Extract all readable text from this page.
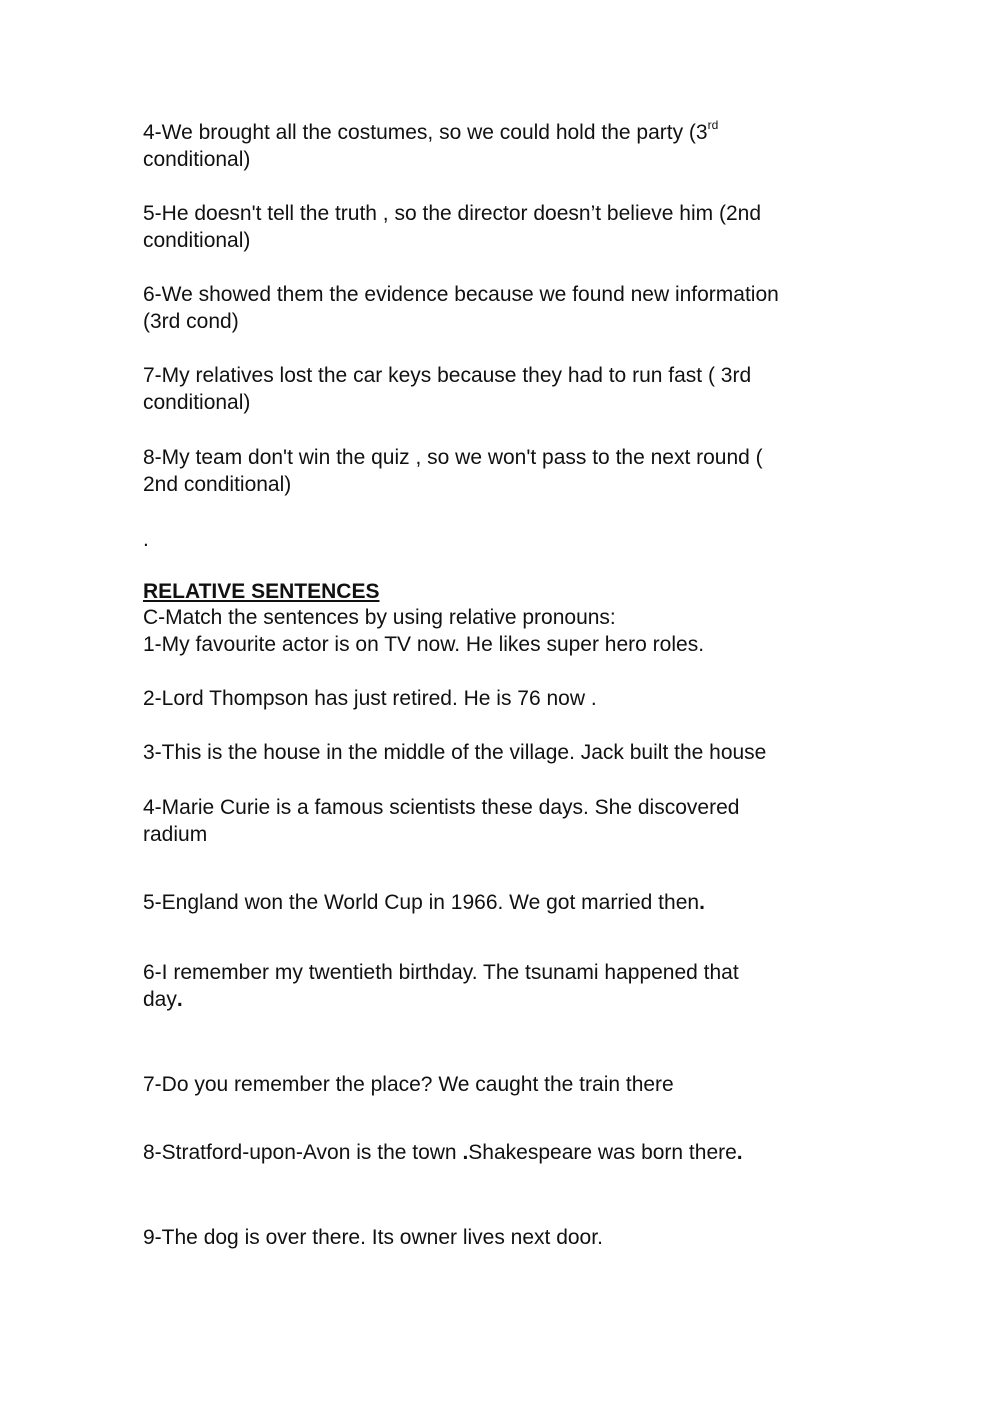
4-We brought all the costumes, so we could hold the party (3rd

conditional)

5-He doesn't tell the truth , so the director doesn’t believe him (2nd

conditional)

6-We showed them the evidence because we found new information

(3rd cond)

7-My relatives lost the car keys because they had to run fast ( 3rd

conditional)

8-My team don't win the quiz , so we won't pass to the next round (

2nd conditional)

.

RELATIVE SENTENCES

C-Match the sentences by using relative pronouns:

1-My favourite actor is on TV now. He likes super hero roles.

2-Lord Thompson has just retired. He is 76 now .

3-This is the house in the middle of the village. Jack built the house

4-Marie Curie is a famous scientists these days. She discovered

radium

5-England won the World Cup in 1966. We got married then.

6-I remember my twentieth birthday. The tsunami happened that

day.

7-Do you remember the place? We caught the train there

8-Stratford-upon-Avon is the town .Shakespeare was born there.

9-The dog is over there. Its owner lives next door.
